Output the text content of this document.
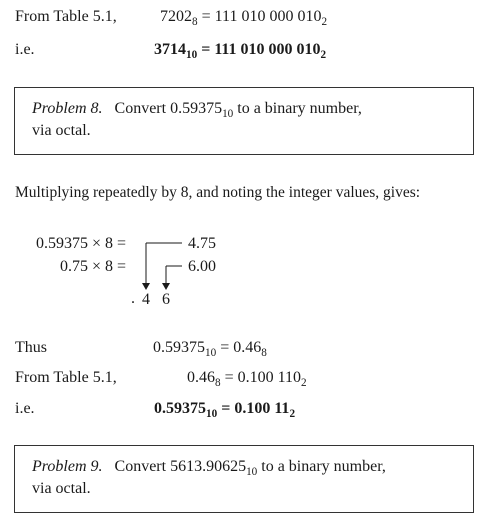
From Table 5.1,	$7202_8 = 111$ 010 000 $010_2$
i.e.	$3714_{10} = 111$ 010 000 $010_2$
Problem 8. Convert $0.59375_{10}$ to a binary number,
via octal.
Multiplying repeatedly by 8, and noting the integer values, gives:
0.59375 × 8 =	4.75
0.75 × 8 =	6.00
. 4 6
Thus	$0.59375_{10} = 0.46_8$
From Table 5.1,	$0.46_8 = 0.100$ $110_2$
i.e.	$0.59375_{10} = 0.100$ $11_2$
Problem 9. Convert $5613.90625_{10}$ to a binary number,
via octal.
